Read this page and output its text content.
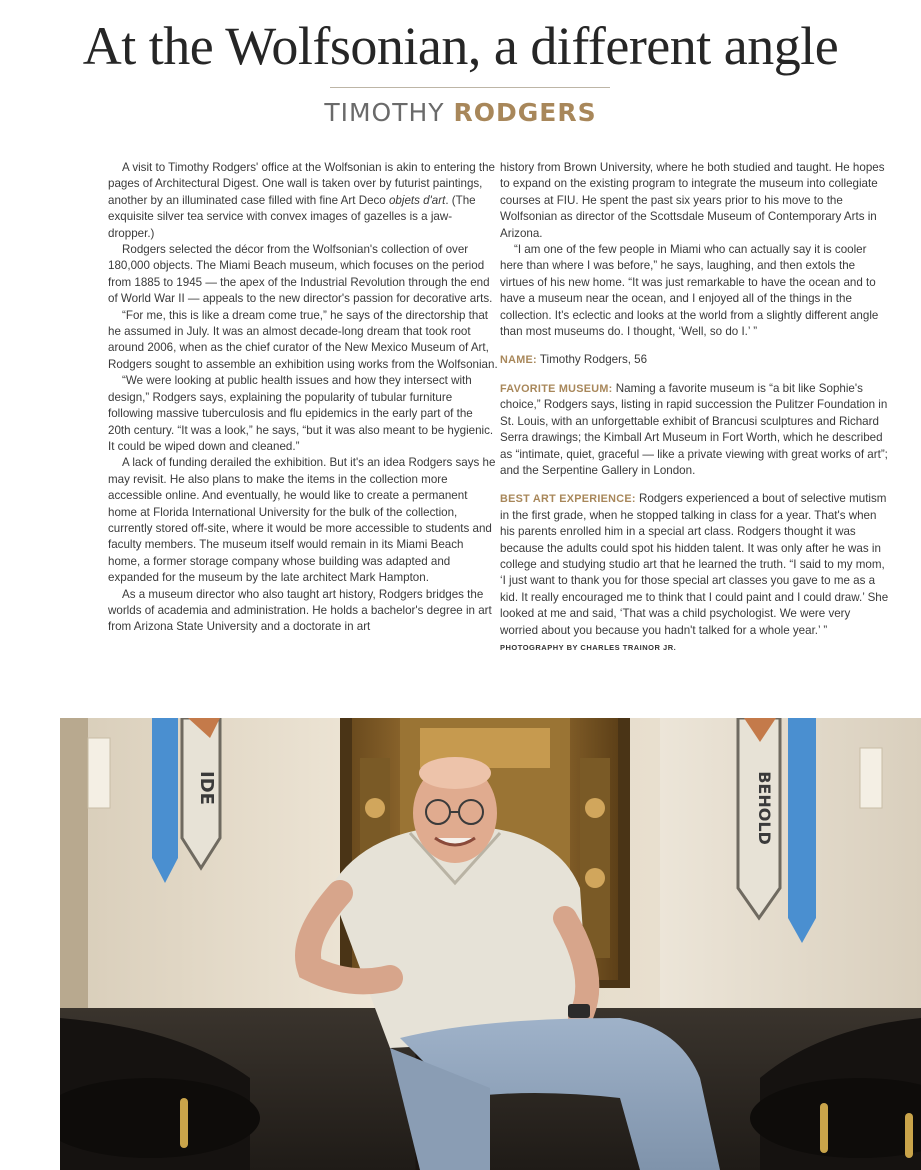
At the Wolfsonian, a different angle
TIMOTHY RODGERS

A visit to Timothy Rodgers' office at the Wolfsonian is akin to entering the pages of Architectural Digest. One wall is taken over by futurist paintings, another by an illuminated case filled with fine Art Deco objets d'art. (The exquisite silver tea service with convex images of gazelles is a jaw-dropper.)

Rodgers selected the décor from the Wolfsonian's collection of over 180,000 objects. The Miami Beach museum, which focuses on the period from 1885 to 1945 — the apex of the Industrial Revolution through the end of World War II — appeals to the new director's passion for decorative arts.

“For me, this is like a dream come true,” he says of the directorship that he assumed in July. It was an almost decade-long dream that took root around 2006, when as the chief curator of the New Mexico Museum of Art, Rodgers sought to assemble an exhibition using works from the Wolfsonian.

“We were looking at public health issues and how they intersect with design,” Rodgers says, explaining the popularity of tubular furniture following massive tuberculosis and flu epidemics in the early part of the 20th century. “It was a look,” he says, “but it was also meant to be hygienic. It could be wiped down and cleaned.”

A lack of funding derailed the exhibition. But it's an idea Rodgers says he may revisit. He also plans to make the items in the collection more accessible online. And eventually, he would like to create a permanent home at Florida International University for the bulk of the collection, currently stored off-site, where it would be more accessible to students and faculty members. The museum itself would remain in its Miami Beach home, a former storage company whose building was adapted and expanded for the museum by the late architect Mark Hampton.

As a museum director who also taught art history, Rodgers bridges the worlds of academia and administration. He holds a bachelor's degree in art from Arizona State University and a doctorate in art

history from Brown University, where he both studied and taught. He hopes to expand on the existing program to integrate the museum into collegiate courses at FIU. He spent the past six years prior to his move to the Wolfsonian as director of the Scottsdale Museum of Contemporary Arts in Arizona.

“I am one of the few people in Miami who can actually say it is cooler here than where I was before,” he says, laughing, and then extols the virtues of his new home. “It was just remarkable to have the ocean and to have a museum near the ocean, and I enjoyed all of the things in the collection. It's eclectic and looks at the world from a slightly different angle than most museums do. I thought, ‘Well, so do I.’ ”

NAME: Timothy Rodgers, 56

FAVORITE MUSEUM: Naming a favorite museum is “a bit like Sophie's choice,” Rodgers says, listing in rapid succession the Pulitzer Foundation in St. Louis, with an unforgettable exhibit of Brancusi sculptures and Richard Serra drawings; the Kimball Art Museum in Fort Worth, which he described as “intimate, quiet, graceful — like a private viewing with great works of art”; and the Serpentine Gallery in London.

BEST ART EXPERIENCE: Rodgers experienced a bout of selective mutism in the first grade, when he stopped talking in class for a year. That's when his parents enrolled him in a special art class. Rodgers thought it was because the adults could spot his hidden talent. It was only after he was in college and studying studio art that he learned the truth. “I said to my mom, ‘I just want to thank you for those special art classes you gave to me as a kid. It really encouraged me to think that I could paint and I could draw.’ She looked at me and said, ‘That was a child psychologist. We were very worried about you because you hadn't talked for a whole year.’ ” PHOTOGRAPHY BY CHARLES TRAINOR JR.

IDE	BEHOLD
